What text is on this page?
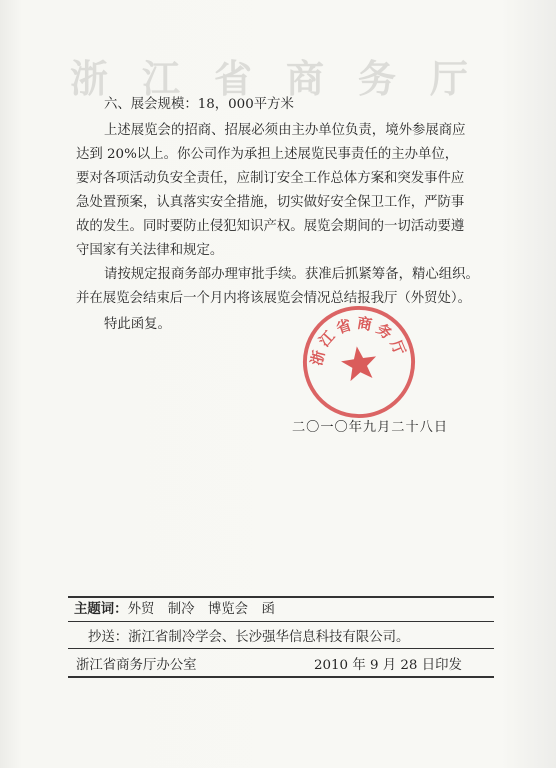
浙江省商务厅

六、展会规模：18，000平方米
上述展览会的招商、招展必须由主办单位负责，境外参展商应
达到 20%以上。你公司作为承担上述展览民事责任的主办单位，
要对各项活动负安全责任，应制订安全工作总体方案和突发事件应
急处置预案，认真落实安全措施，切实做好安全保卫工作，严防事
故的发生。同时要防止侵犯知识产权。展览会期间的一切活动要遵
守国家有关法律和规定。
请按规定报商务部办理审批手续。获准后抓紧筹备，精心组织。
并在展览会结束后一个月内将该展览会情况总结报我厅（外贸处）。
特此函复。
浙江省商务厅
二〇一〇年九月二十八日
主题词：外贸　制冷　博览会　函
抄送：浙江省制冷学会、长沙强华信息科技有限公司。
浙江省商务厅办公室	2010 年 9 月 28 日印发
